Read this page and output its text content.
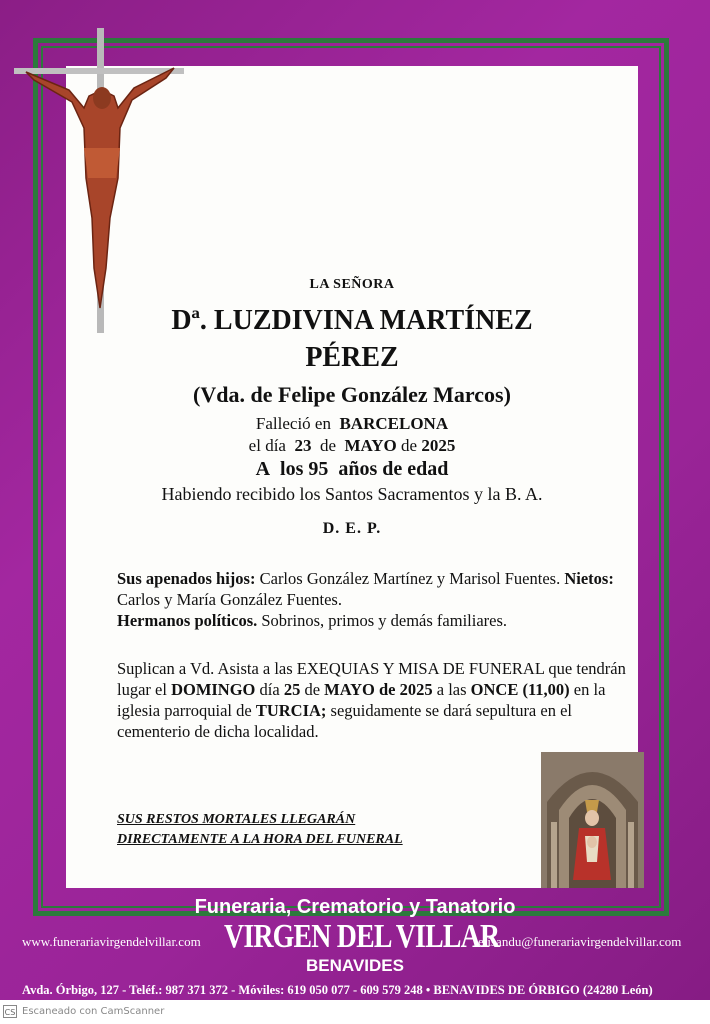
LA SEÑORA
Dª. LUZDIVINA MARTÍNEZ
PÉREZ
(Vda. de Felipe González Marcos)
Falleció en BARCELONA
el día 23 de MAYO de 2025
A los 95 años de edad
Habiendo recibido los Santos Sacramentos y la B. A.
D. E. P.
Sus apenados hijos: Carlos González Martínez y Marisol Fuentes. Nietos: Carlos y María González Fuentes.
Hermanos políticos. Sobrinos, primos y demás familiares.
Suplican a Vd. Asista a las EXEQUIAS Y MISA DE FUNERAL que tendrán lugar el DOMINGO día 25 de MAYO de 2025 a las ONCE (11,00) en la iglesia parroquial de TURCIA; seguidamente se dará sepultura en el cementerio de dicha localidad.
SUS RESTOS MORTALES LLEGARÁN
DIRECTAMENTE A LA HORA DEL FUNERAL
Funeraria, Crematorio y Tanatorio
www.funerariavirgendelvillar.com VIRGEN DEL VILLAR
elisandu@funerariavirgendelvillar.com
BENAVIDES
Avda. Órbigo, 127 - Teléf.: 987 371 372 - Móviles: 619 050 077 - 609 579 248 • BENAVIDES DE ÓRBIGO (24280 León)
CS Escaneado con CamScanner
